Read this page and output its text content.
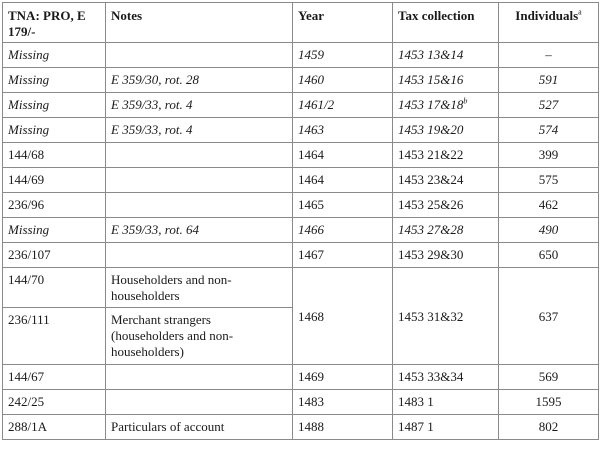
TNA: PRO, E 179/-	Notes	Year	Tax collection	Individuals$^a$
Missing		1459	1453 13&14	–
Missing	E 359/30, rot. 28	1460	1453 15&16	591
Missing	E 359/33, rot. 4	1461/2	1453 17&18$^b$	527
Missing	E 359/33, rot. 4	1463	1453 19&20	574
144/68		1464	1453 21&22	399
144/69		1464	1453 23&24	575
236/96		1465	1453 25&26	462
Missing	E 359/33, rot. 64	1466	1453 27&28	490
236/107		1467	1453 29&30	650
144/70	Householders and non-householders	1468	1453 31&32	637
236/111	Merchant strangers (householders and non-householders)			
144/67		1469	1453 33&34	569
242/25		1483	1483 1	1595
288/1A	Particulars of account	1488	1487 1	802
